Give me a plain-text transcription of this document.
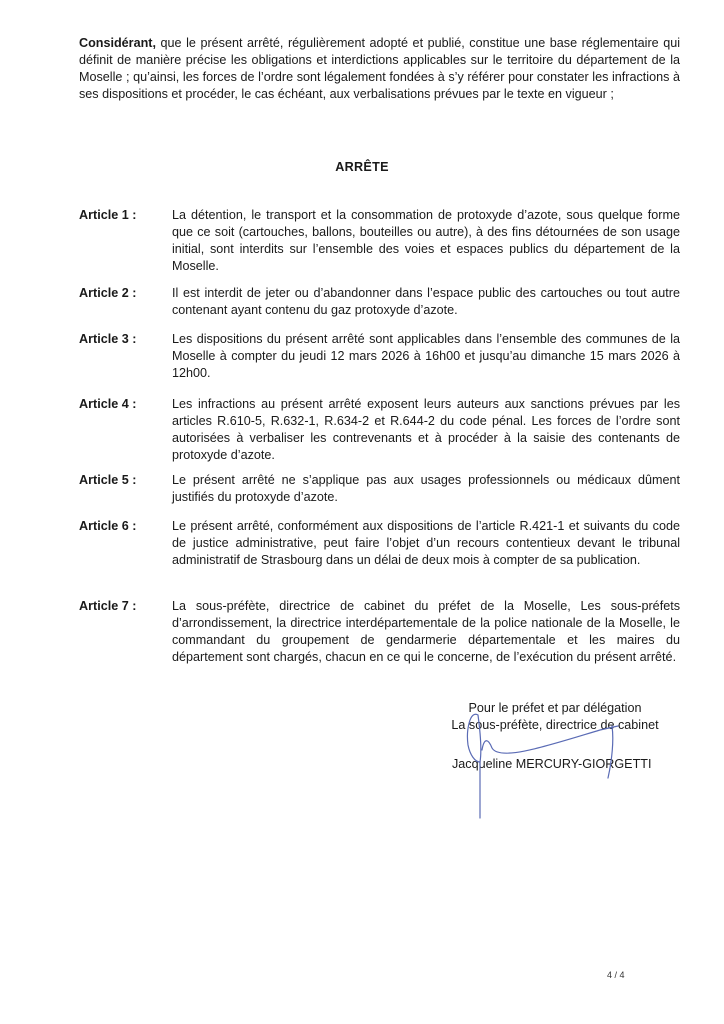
Considérant, que le présent arrêté, régulièrement adopté et publié, constitue une base réglementaire qui définit de manière précise les obligations et interdictions applicables sur le territoire du département de la Moselle ; qu’ainsi, les forces de l’ordre sont légalement fondées à s’y référer pour constater les infractions à ses dispositions et procéder, le cas échéant, aux verbalisations prévues par le texte en vigueur ;

ARRÊTE
Article 1 :	La détention, le transport et la consommation de protoxyde d’azote, sous quelque forme que ce soit (cartouches, ballons, bouteilles ou autre), à des fins détournées de son usage initial, sont interdits sur l’ensemble des voies et espaces publics du département de la Moselle.
Article 2 :	Il est interdit de jeter ou d’abandonner dans l’espace public des cartouches ou tout autre contenant ayant contenu du gaz protoxyde d’azote.
Article 3 :	Les dispositions du présent arrêté sont applicables dans l’ensemble des communes de la Moselle à compter du jeudi 12 mars 2026 à 16h00 et jusqu’au dimanche 15 mars 2026 à 12h00.
Article 4 :	Les infractions au présent arrêté exposent leurs auteurs aux sanctions prévues par les articles R.610-5, R.632-1, R.634-2 et R.644-2 du code pénal. Les forces de l’ordre sont autorisées à verbaliser les contrevenants et à procéder à la saisie des contenants de protoxyde d’azote.
Article 5 :	Le présent arrêté ne s’applique pas aux usages professionnels ou médicaux dûment justifiés du protoxyde d’azote.
Article 6 :	Le présent arrêté, conformément aux dispositions de l’article R.421-1 et suivants du code de justice administrative, peut faire l’objet d’un recours contentieux devant le tribunal administratif de Strasbourg dans un délai de deux mois à compter de sa publication.
Article 7 :	La sous-préfète, directrice de cabinet du préfet de la Moselle, Les sous-préfets d’arrondissement, la directrice interdépartementale de la police nationale de la Moselle, le commandant du groupement de gendarmerie départementale et les maires du département sont chargés, chacun en ce qui le concerne, de l’exécution du présent arrêté.
Pour le préfet et par délégation
La sous-préfète, directrice de cabinet
Jacqueline MERCURY-GIORGETTI
4 / 4
